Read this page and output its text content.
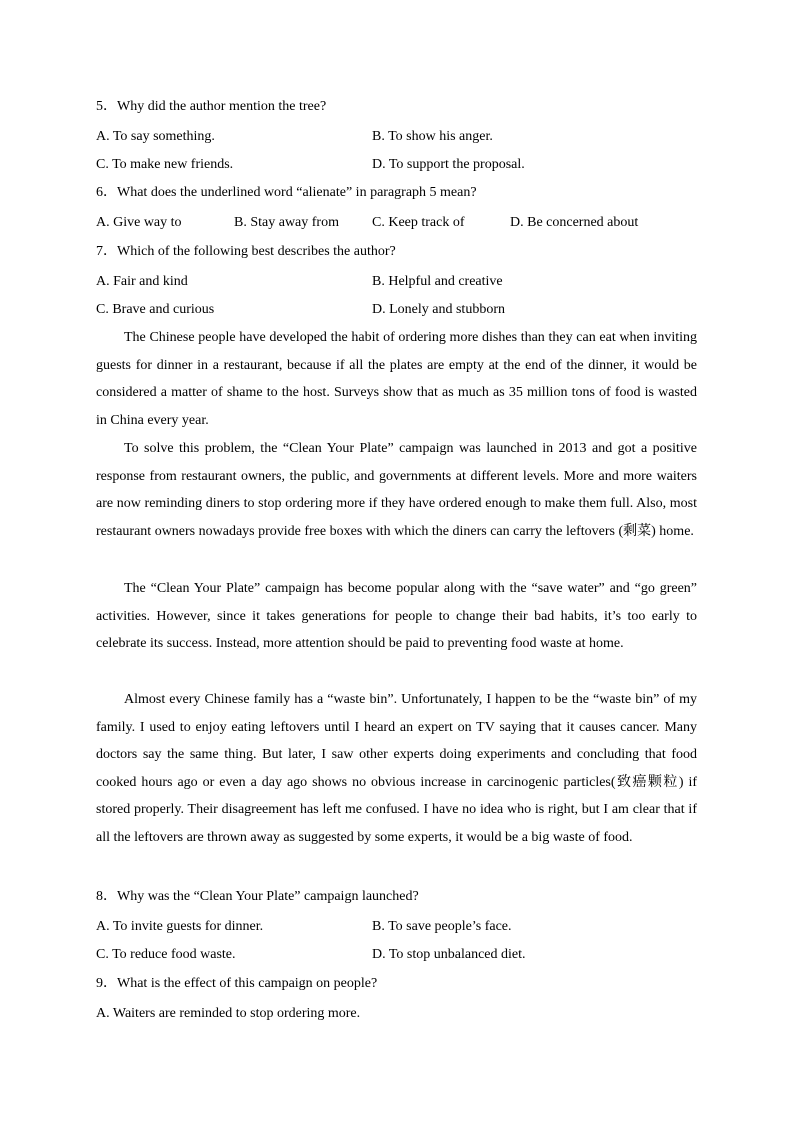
5．Why did the author mention the tree?
A. To say something.	B. To show his anger.
C. To make new friends.	D. To support the proposal.
6．What does the underlined word “alienate” in paragraph 5 mean?
A. Give way to	B. Stay away from C. Keep track of	D. Be concerned about
7．Which of the following best describes the author?
A. Fair and kind	B. Helpful and creative
C. Brave and curious	D. Lonely and stubborn
The Chinese people have developed the habit of ordering more dishes than they can eat when inviting guests for dinner in a restaurant, because if all the plates are empty at the end of the dinner, it would be considered a matter of shame to the host. Surveys show that as much as 35 million tons of food is wasted in China every year.
To solve this problem, the “Clean Your Plate” campaign was launched in 2013 and got a positive response from restaurant owners, the public, and governments at different levels. More and more waiters are now reminding diners to stop ordering more if they have ordered enough to make them full. Also, most restaurant owners nowadays provide free boxes with which the diners can carry the leftovers (剩菜) home.
The “Clean Your Plate” campaign has become popular along with the “save water” and “go green” activities. However, since it takes generations for people to change their bad habits, it’s too early to celebrate its success. Instead, more attention should be paid to preventing food waste at home.
Almost every Chinese family has a “waste bin”. Unfortunately, I happen to be the “waste bin” of my family. I used to enjoy eating leftovers until I heard an expert on TV saying that it causes cancer. Many doctors say the same thing. But later, I saw other experts doing experiments and concluding that food cooked hours ago or even a day ago shows no obvious increase in carcinogenic particles(致癌颗粒) if stored properly. Their disagreement has left me confused. I have no idea who is right, but I am clear that if all the leftovers are thrown away as suggested by some experts, it would be a big waste of food.
8．Why was the “Clean Your Plate” campaign launched?
A. To invite guests for dinner.	B. To save people’s face.
C. To reduce food waste.	D. To stop unbalanced diet.
9．What is the effect of this campaign on people?
A. Waiters are reminded to stop ordering more.
